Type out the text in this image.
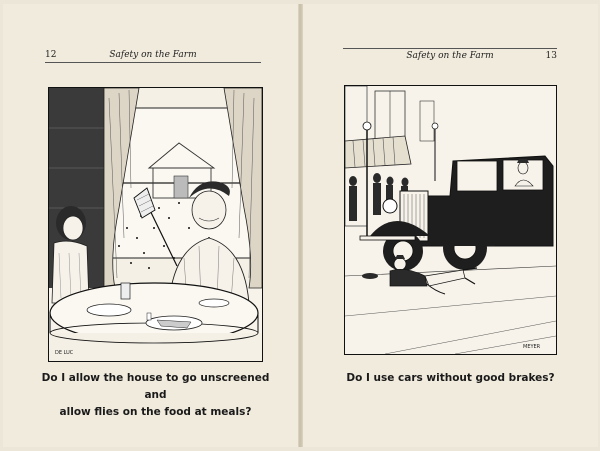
12	Safety on the Farm
DE LUC
Do I allow the house to go unscreened and
allow flies on the food at meals?
Safety on the Farm	13
MEYER
Do I use cars without good brakes?
